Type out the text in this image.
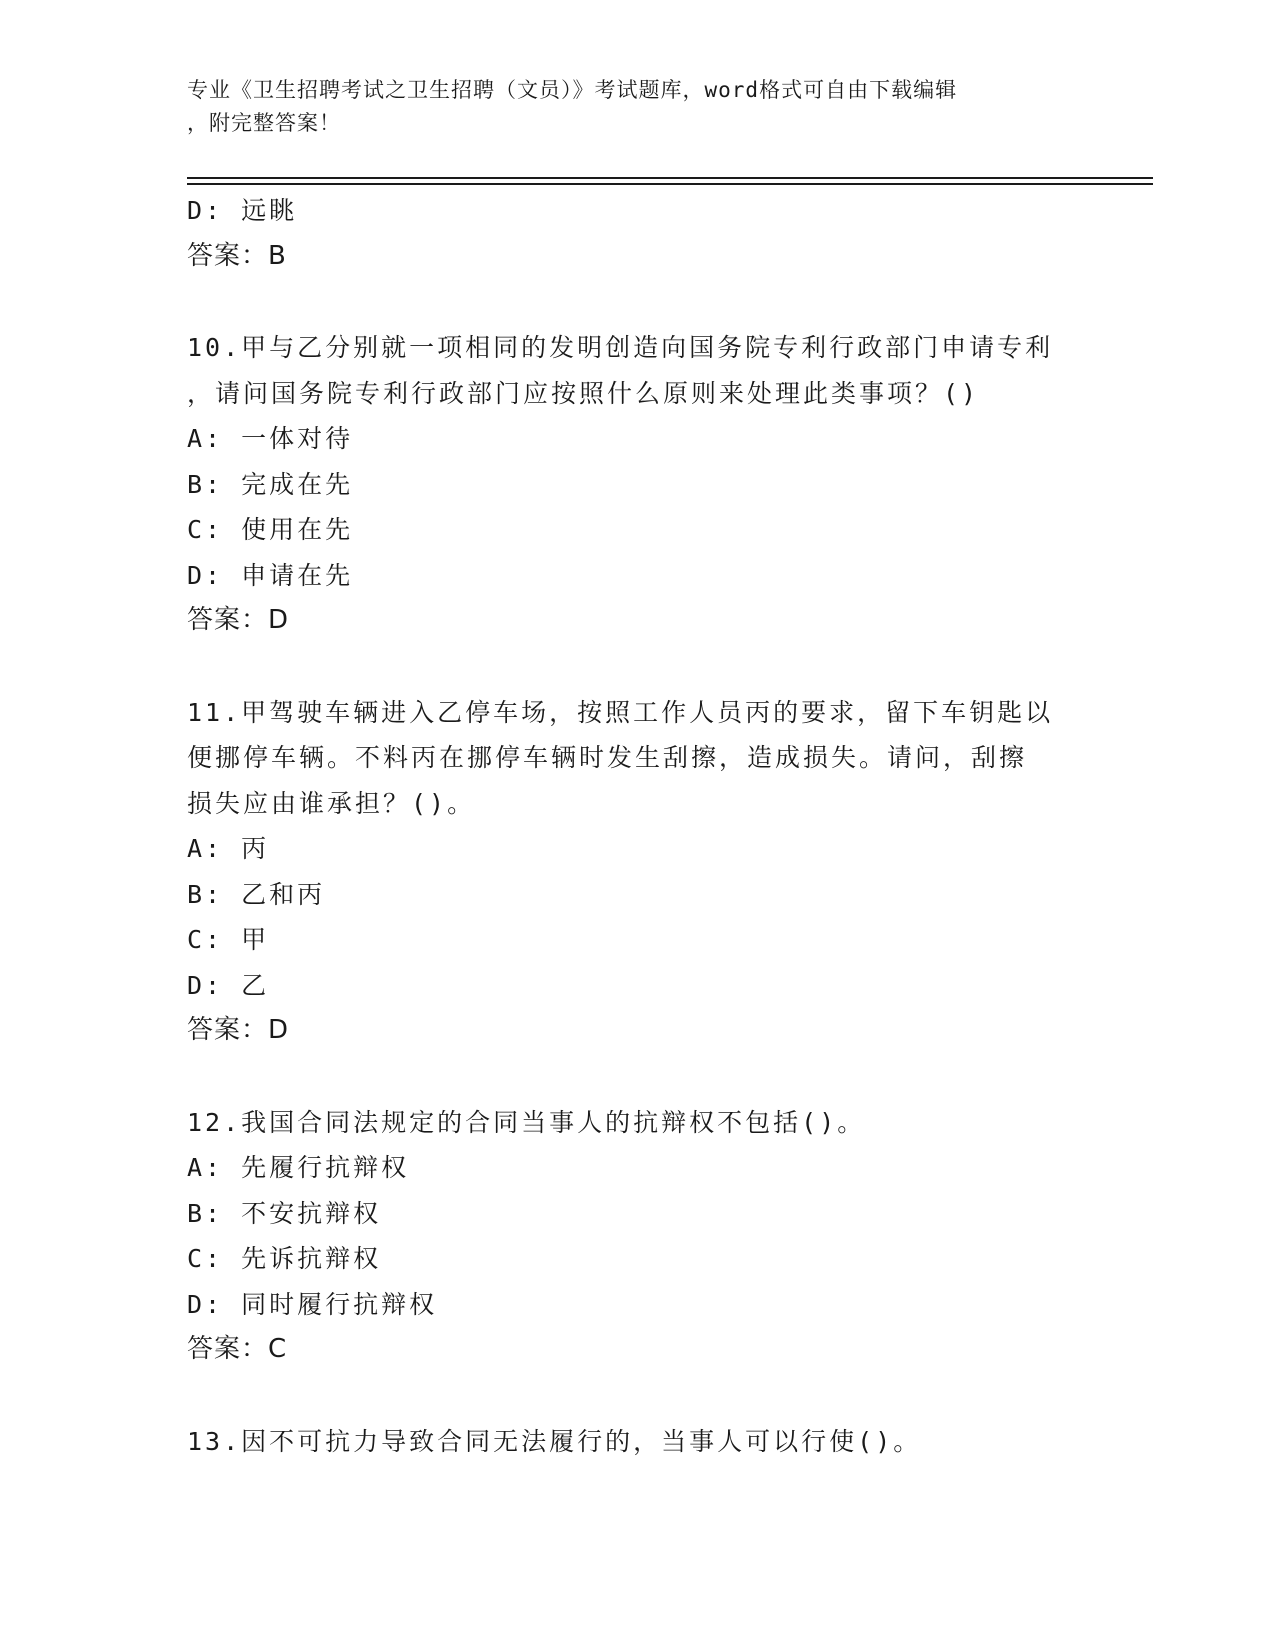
专业《卫生招聘考试之卫生招聘（文员）》考试题库，word格式可自由下载编辑
，附完整答案！
D: 远眺
答案：B
10.甲与乙分别就一项相同的发明创造向国务院专利行政部门申请专利
，请问国务院专利行政部门应按照什么原则来处理此类事项？()
A: 一体对待
B: 完成在先
C: 使用在先
D: 申请在先
答案：D
11.甲驾驶车辆进入乙停车场，按照工作人员丙的要求，留下车钥匙以
便挪停车辆。不料丙在挪停车辆时发生刮擦，造成损失。请问，刮擦
损失应由谁承担？()。
A: 丙
B: 乙和丙
C: 甲
D: 乙
答案：D
12.我国合同法规定的合同当事人的抗辩权不包括()。
A: 先履行抗辩权
B: 不安抗辩权
C: 先诉抗辩权
D: 同时履行抗辩权
答案：C
13.因不可抗力导致合同无法履行的，当事人可以行使()。
